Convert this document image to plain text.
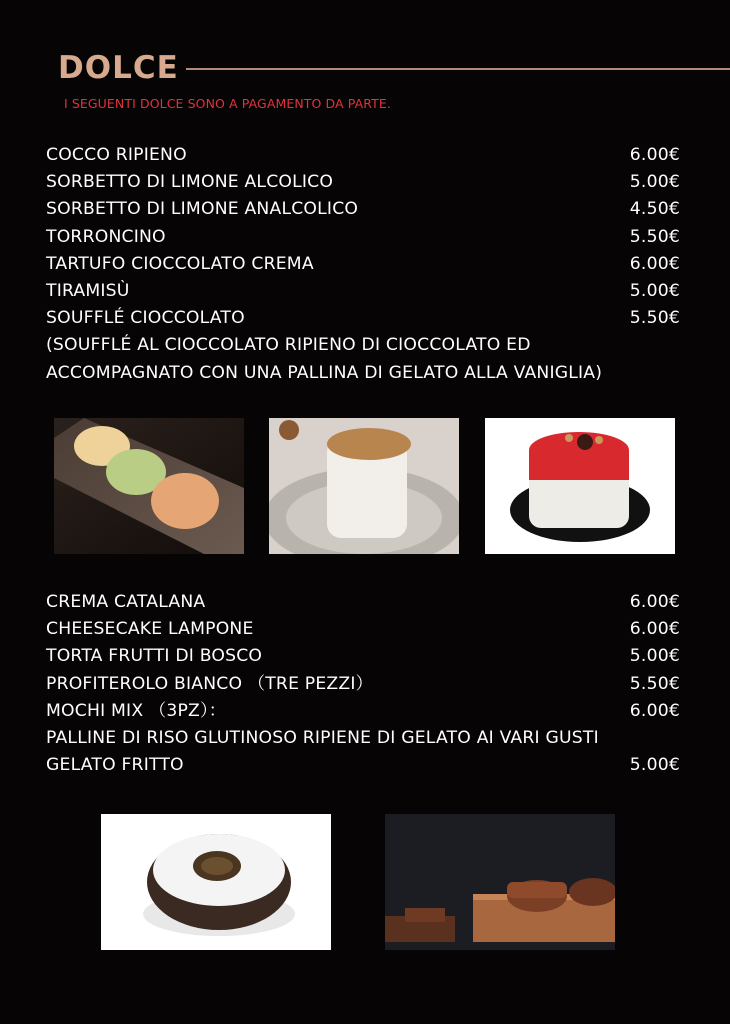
DOLCE
I SEGUENTI DOLCE SONO A PAGAMENTO DA PARTE.
COCCO RIPIENO	6.00€
SORBETTO DI LIMONE ALCOLICO	5.00€
SORBETTO DI LIMONE ANALCOLICO	4.50€
TORRONCINO	5.50€
TARTUFO CIOCCOLATO CREMA	6.00€
TIRAMISÙ	5.00€
SOUFFLÉ CIOCCOLATO	5.50€
(SOUFFLÉ AL CIOCCOLATO RIPIENO DI CIOCCOLATO ED
ACCOMPAGNATO CON UNA PALLINA DI GELATO ALLA VANIGLIA)
CREMA CATALANA	6.00€
CHEESECAKE LAMPONE	6.00€
TORTA FRUTTI DI BOSCO	5.00€
PROFITEROLO BIANCO （TRE PEZZI）	5.50€
MOCHI MIX （3PZ）：	6.00€
PALLINE DI RISO GLUTINOSO RIPIENE DI GELATO AI VARI GUSTI
GELATO FRITTO	5.00€
